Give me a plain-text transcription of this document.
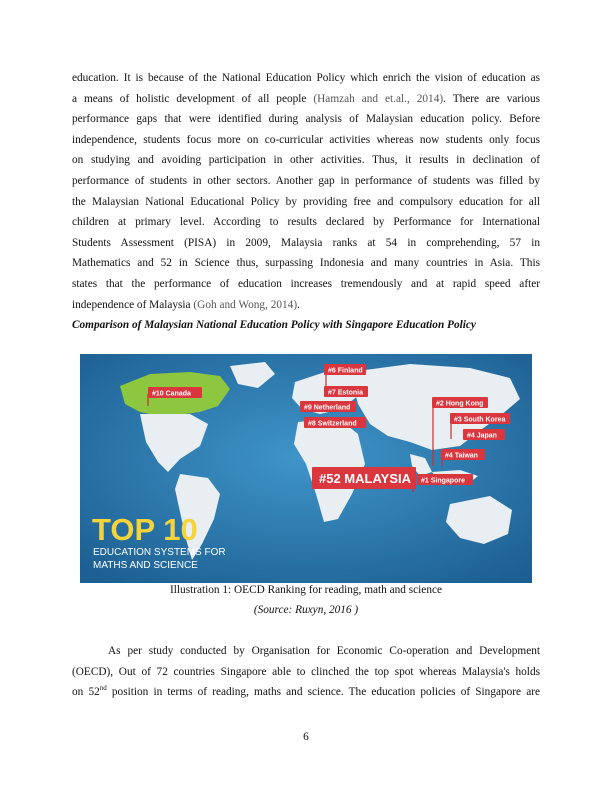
education. It is because of the National Education Policy which enrich the vision of education as
a means of holistic development of all people (Hamzah and et.al., 2014). There are various
performance gaps that were identified during analysis of Malaysian education policy. Before
independence, students focus more on co-curricular activities whereas now students only focus
on studying and avoiding participation in other activities. Thus, it results in declination of
performance of students in other sectors. Another gap in performance of students was filled by
the Malaysian National Educational Policy by providing free and compulsory education for all
children at primary level. According to results declared by Performance for International
Students Assessment (PISA) in 2009, Malaysia ranks at 54 in comprehending, 57 in
Mathematics and 52 in Science thus, surpassing Indonesia and many countries in Asia. This
states that the performance of education increases tremendously and at rapid speed after
independence of Malaysia (Goh and Wong, 2014).

Comparison of Malaysian National Education Policy with Singapore Education Policy

#10 Canada
#6 Finland
#7 Estonia
#9 Netherland
#8 Switzerland
#2 Hong Kong
#3 South Korea
#4 Japan
#4 Taiwan
#1 Singapore
#52 MALAYSIA
TOP 10
EDUCATION SYSTEMS FOR
MATHS AND SCIENCE
Illustration 1: OECD Ranking for reading, math and science
(Source: Ruxyn, 2016 )
As per study conducted by Organisation for Economic Co-operation and Development
(OECD), Out of 72 countries Singapore able to clinched the top spot whereas Malaysia's holds
on 52nd position in terms of reading, maths and science. The education policies of Singapore are
6
